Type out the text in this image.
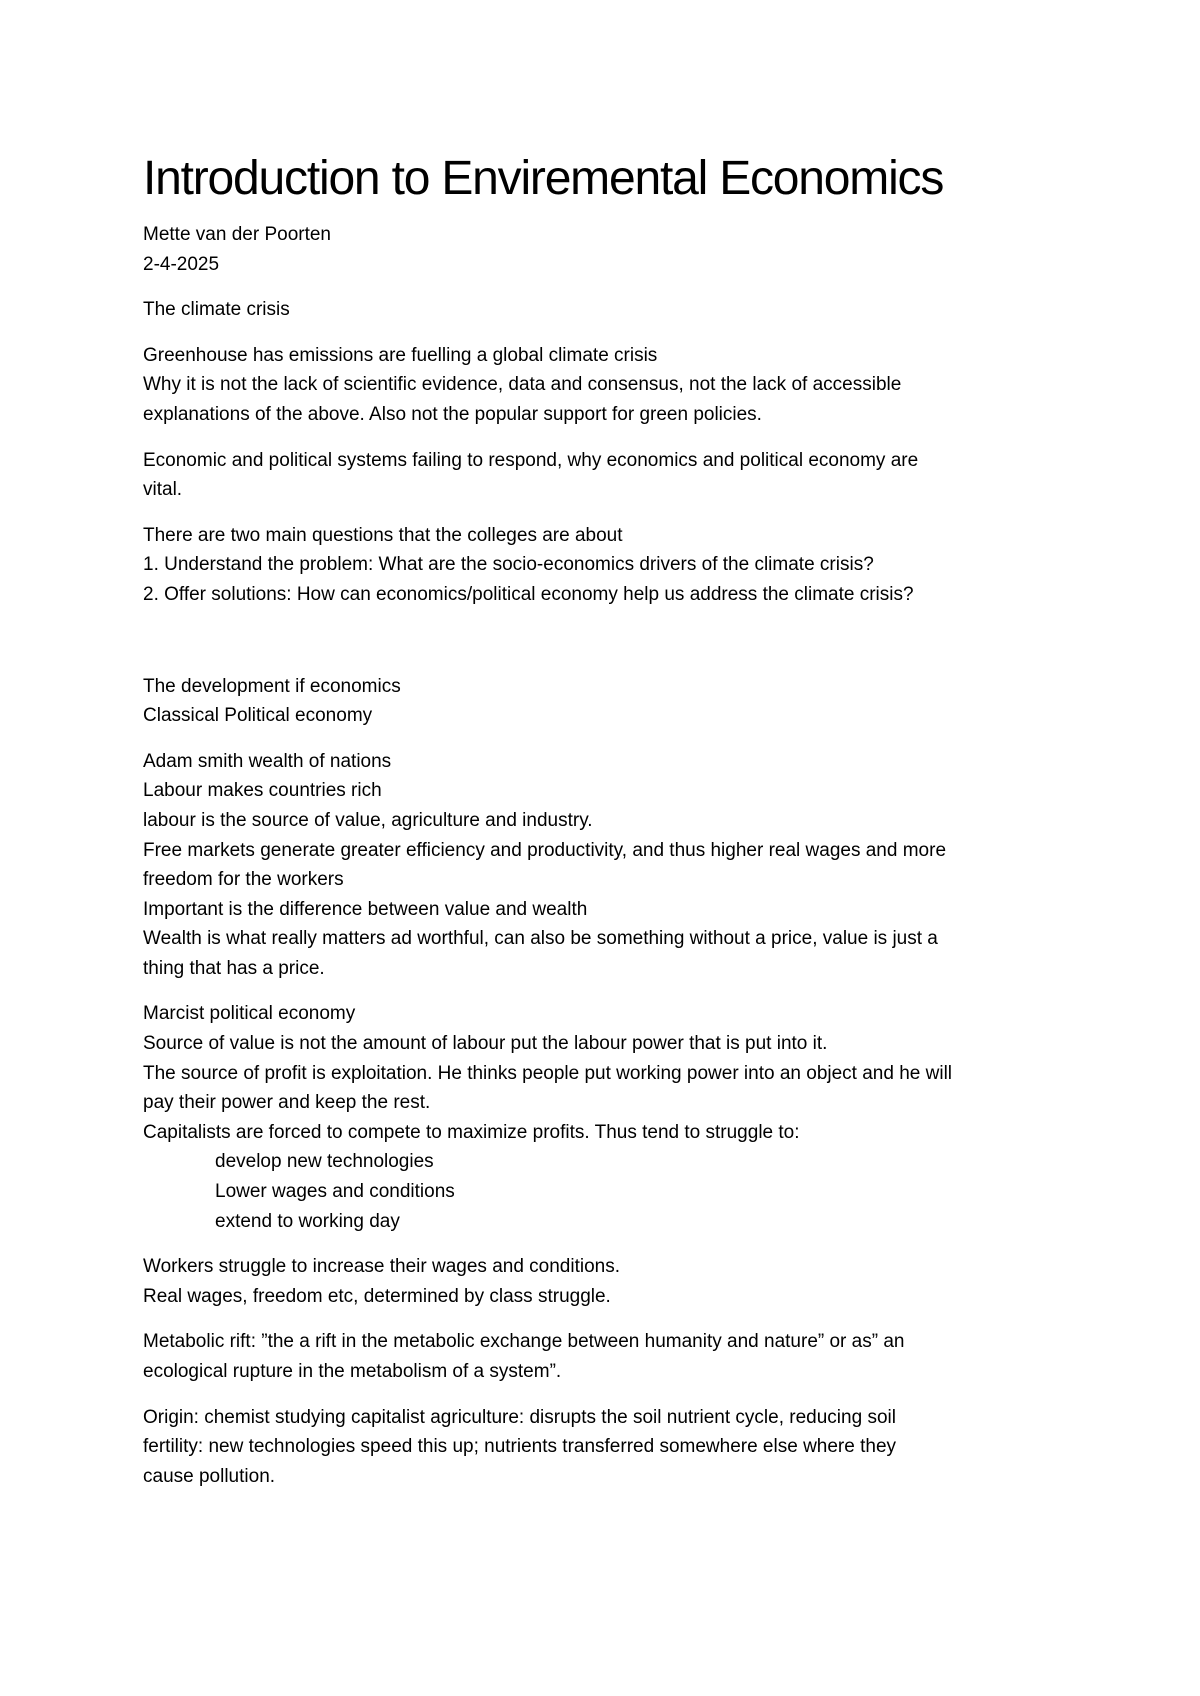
Introduction to Enviremental Economics

Mette van der Poorten

2-4-2025

The climate crisis

Greenhouse has emissions are fuelling a global climate crisis

Why it is not the lack of scientific evidence, data and consensus, not the lack of accessible

explanations of the above. Also not the popular support for green policies.

Economic and political systems failing to respond, why economics and political economy are

vital.

There are two main questions that the colleges are about

1. Understand the problem: What are the socio-economics drivers of the climate crisis?

2. Offer solutions: How can economics/political economy help us address the climate crisis?

The development if economics

Classical Political economy

Adam smith wealth of nations

Labour makes countries rich

labour is the source of value, agriculture and industry.

Free markets generate greater efficiency and productivity, and thus higher real wages and more

freedom for the workers

Important is the difference between value and wealth

Wealth is what really matters ad worthful, can also be something without a price, value is just a

thing that has a price.

Marcist political economy

Source of value is not the amount of labour put the labour power that is put into it.

The source of profit is exploitation. He thinks people put working power into an object and he will

pay their power and keep the rest.

Capitalists are forced to compete to maximize profits. Thus tend to struggle to:

develop new technologies

Lower wages and conditions

extend to working day

Workers struggle to increase their wages and conditions.

Real wages, freedom etc, determined by class struggle.

Metabolic rift: ”the a rift in the metabolic exchange between humanity and nature” or as” an

ecological rupture in the metabolism of a system”.

Origin: chemist studying capitalist agriculture: disrupts the soil nutrient cycle, reducing soil

fertility: new technologies speed this up; nutrients transferred somewhere else where they

cause pollution.
